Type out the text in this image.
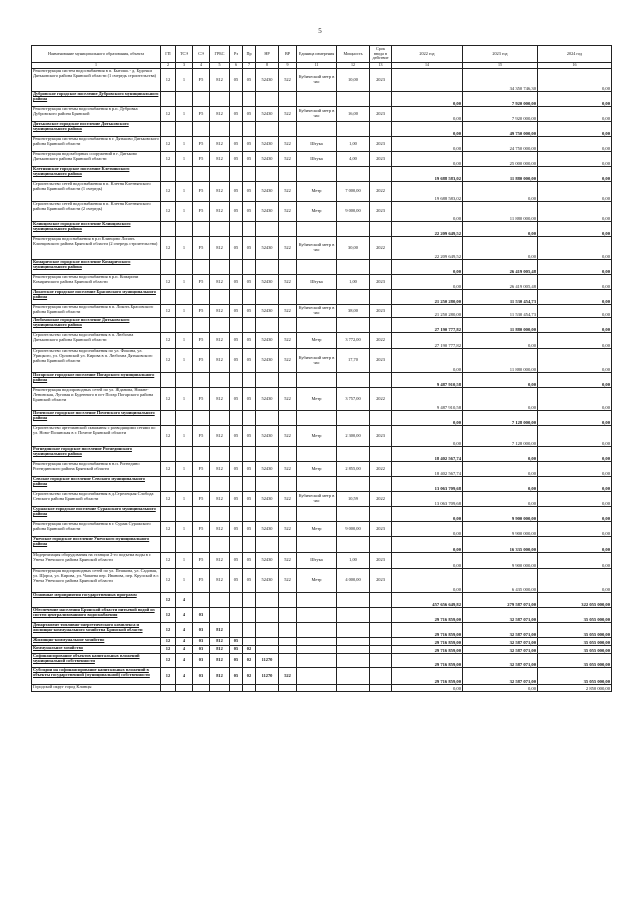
5
Наименование муниципального образования, объекта	ГП	ТСЭ	СЭ	ГРБС	Рз	Пр	НР	ВР	Единица измерения	Мощность	Срок ввода в действие	2022 год	2023 год	2024 год
1	2	3	4	5	6	7	8	9	11	12	13	14	15	16
Реконструкция систем водоснабжения в п. Бытошь - д. Будочки Дятьковского района Брянской области (1 очередь строительства)	12	1	F5	812	05	05	52430	522	Кубический метр в час	10,00	2023		34 350 746,30	0,00
Дубровское городское поселение Дубровского муниципального района												0,00	7 920 000,00	0,00
Реконструкция системы водоснабжения в р.п. Дубровка Дубровского района Брянской	12	1	F5	812	05	05	52430	522	Кубический метр в час	16,00	2023	0,00	7 920 000,00	0,00
Дятьковское городское поселение Дятьковского муниципального района												0,00	49 750 000,00	0,00
Реконструкция системы водоснабжения в г. Дятьково Дятьковского района Брянской области	12	1	F5	812	05	05	52430	522	Штука	1,00	2023	0,00	24 750 000,00	0,00
Реконструкция водозаборных сооружений в г. Дятьково Дятьковского района Брянской области	12	1	F5	812	05	05	52430	522	Штука	4,00	2023	0,00	25 000 000,00	0,00
Клетнянское городское поселение Клетнянского муниципального района												19 688 583,02	11 880 000,00	0,00
Строительство сетей водоснабжения в п. Клетня Клетнянского района Брянской области (1 очередь)	12	1	F5	812	05	05	52430	522	Метр	7 000,00	2022	19 688 583,02	0,00	0,00
Строительство сетей водоснабжения в п. Клетня Клетнянского района Брянской области (2 очередь)	12	1	F5	812	05	05	52430	522	Метр	9 000,00	2023	0,00	11 880 000,00	0,00
Клинцовское городское поселение Клинцовского муниципального района												22 209 649,52	0,00	0,00
Реконструкция водоснабжения в р.п Клинцово Лопать Клинцовского района Брянской области (2 очередь строительства)	12	1	F5	812	05	05	52430	522	Кубический метр в час	30,00	2022	22 209 649,52	0,00	0,00
Комаричское городское поселение Комаричского муниципального района												0,00	26 419 005,48	0,00
Реконструкция системы водоснабжения в р.п. Комаричи Комаричского района Брянской области	12	1	F5	812	05	05	52430	522	Штука	1,00	2023	0,00	26 419 005,48	0,00
Локотское городское поселение Брасовского муниципального района												21 250 280,00	11 530 454,73	0,00
Реконструкция системы водоснабжения в п. Локоть Брасовского района Брянской области	12	1	F5	812	05	05	52430	522	Кубический метр в час	38,00	2023	21 250 280,00	11 530 454,73	0,00
Любохонское городское поселение Дятьковского муниципального района												27 190 777,82	11 880 000,00	0,00
Строительство системы водоснабжения в п. Любохна Дятьковского района Брянской области	12	1	F5	812	05	05	52430	522	Метр	3 772,00	2022	27 190 777,82	0,00	0,00
Строительство системы водоснабжения по ул. Фокина, ул. Урицкого, ул. Орловской ул. Кирова в п. Любохна Дятьковского района Брянской области	12	1	F5	812	05	05	52430	522	Кубический метр в час	17,70	2023	0,00	11 880 000,00	0,00
Погарское городское поселение Погарского муниципального района												9 487 910,58	0,00	0,00
Реконструкция водопроводных сетей по ул. Жданова, Нижне-Ленинская, Луговая и Буденного в пгт Погар Погарского района Брянской области	12	1	F5	812	05	05	52430	522	Метр	3 757,00	2022	9 487 910,58	0,00	0,00
Почепское городское поселение Почепского муниципального района												0,00	7 128 000,00	0,00
Строительство артезианской скважины с разводящими сетями по ул. Ново-Полянская в г. Почепе Брянской области	12	1	F5	812	05	05	52430	522	Метр	2 300,00	2023	0,00	7 128 000,00	0,00
Рогнединское городское поселение Рогнединского муниципального района												18 402 567,74	0,00	0,00
Реконструкция системы водоснабжения в н.п. Рогнедино Рогнединского района Брянской области	12	1	F5	812	05	05	52430	522	Метр	2 855,00	2022	18 402 567,74	0,00	0,00
Севское городское поселение Севского муниципального района												13 063 709,68	0,00	0,00
Строительство системы водоснабжения в д.Стрелецкая Слобода Севского района Брянской области	12	1	F5	812	05	05	52430	522	Кубический метр в час	10,59	2022	13 063 709,68	0,00	0,00
Суражское городское поселение Суражского муниципального района												0,00	9 900 000,00	0,00
Реконструкция системы водоснабжения в г. Сураж Суражского района Брянской области	12	1	F5	812	05	05	52430	522	Метр	9 000,00	2023	0,00	9 900 000,00	0,00
Унечское городское поселение Унечского муниципального района												0,00	16 335 000,00	0,00
Модернизация оборудования на станции 2-го подъема воды в г. Унеча Унечского района Брянской области	12	1	F5	812	05	05	52430	522	Штука	1,00	2023	0,00	9 900 000,00	0,00
Реконструкция водопроводных сетей по ул. Пешкова, ул. Садовая, ул. Щорса, ул. Кирова, ул. Чапаева пер. Иванова, пер. Крупской в г. Унеча Унечского района Брянской области	12	1	F5	812	05	05	52430	522	Метр	4 000,00	2023	0,00	6 435 000,00	0,00
Основные мероприятия государственных программ	12	4										457 656 649,82	279 587 071,00	322 055 000,00
Обеспечение населения Брянской области питьевой водой из систем централизованного водоснабжения	12	4	03									29 716 859,00	32 587 071,00	35 055 000,00
Департамент топливно-энергетического комплекса и жилищно-коммунального хозяйства Брянской области	12	4	03	812								29 716 859,00	32 587 071,00	35 055 000,00
Жилищно-коммунальное хозяйство	12	4	03	812	05							29 716 859,00	32 587 071,00	35 055 000,00
Коммунальное хозяйство	12	4	03	812	05	02						29 716 859,00	32 587 071,00	35 055 000,00
Софинансирование объектов капитальных вложений муниципальной собственности	12	4	03	812	05	02	11270					29 716 859,00	32 587 071,00	35 055 000,00
Субсидии на софинансирование капитальных вложений в объекты государственной (муниципальной) собственности	12	4	03	812	05	02	11270	522				29 716 859,00	32 587 071,00	35 055 000,00
Городской округ город Клинцы												0,00	0,00	2 850 000,00
